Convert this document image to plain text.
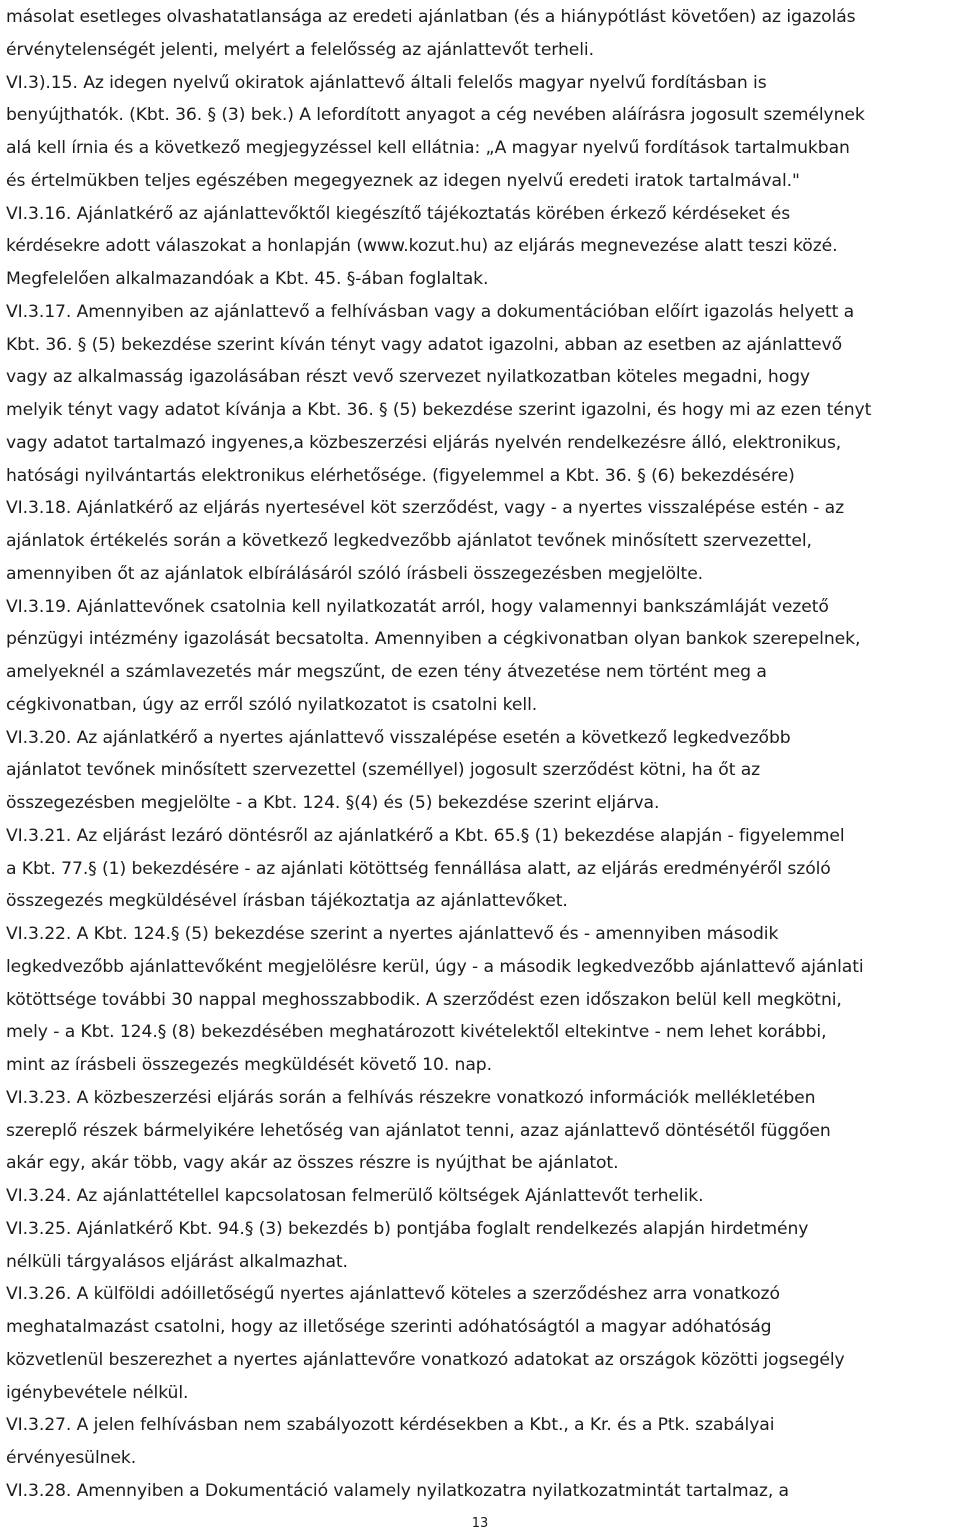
másolat esetleges olvashatatlansága az eredeti ajánlatban (és a hiánypótlást követően) az igazolás
érvénytelenségét jelenti, melyért a felelősség az ajánlattevőt terheli.
VI.3).15. Az idegen nyelvű okiratok ajánlattevő általi felelős magyar nyelvű fordításban is
benyújthatók. (Kbt. 36. § (3) bek.) A lefordított anyagot a cég nevében aláírásra jogosult személynek
alá kell írnia és a következő megjegyzéssel kell ellátnia: „A magyar nyelvű fordítások tartalmukban
és értelmükben teljes egészében megegyeznek az idegen nyelvű eredeti iratok tartalmával."
VI.3.16. Ajánlatkérő az ajánlattevőktől kiegészítő tájékoztatás körében érkező kérdéseket és
kérdésekre adott válaszokat a honlapján (www.kozut.hu) az eljárás megnevezése alatt teszi közé.
Megfelelően alkalmazandóak a Kbt. 45. §-ában foglaltak.
VI.3.17. Amennyiben az ajánlattevő a felhívásban vagy a dokumentációban előírt igazolás helyett a
Kbt. 36. § (5) bekezdése szerint kíván tényt vagy adatot igazolni, abban az esetben az ajánlattevő
vagy az alkalmasság igazolásában részt vevő szervezet nyilatkozatban köteles megadni, hogy
melyik tényt vagy adatot kívánja a Kbt. 36. § (5) bekezdése szerint igazolni, és hogy mi az ezen tényt
vagy adatot tartalmazó ingyenes,a közbeszerzési eljárás nyelvén rendelkezésre álló, elektronikus,
hatósági nyilvántartás elektronikus elérhetősége. (figyelemmel a Kbt. 36. § (6) bekezdésére)
VI.3.18. Ajánlatkérő az eljárás nyertesével köt szerződést, vagy - a nyertes visszalépése estén - az
ajánlatok értékelés során a következő legkedvezőbb ajánlatot tevőnek minősített szervezettel,
amennyiben őt az ajánlatok elbírálásáról szóló írásbeli összegezésben megjelölte.
VI.3.19. Ajánlattevőnek csatolnia kell nyilatkozatát arról, hogy valamennyi bankszámláját vezető
pénzügyi intézmény igazolását becsatolta. Amennyiben a cégkivonatban olyan bankok szerepelnek,
amelyeknél a számlavezetés már megszűnt, de ezen tény átvezetése nem történt meg a
cégkivonatban, úgy az erről szóló nyilatkozatot is csatolni kell.
VI.3.20. Az ajánlatkérő a nyertes ajánlattevő visszalépése esetén a következő legkedvezőbb
ajánlatot tevőnek minősített szervezettel (személlyel) jogosult szerződést kötni, ha őt az
összegezésben megjelölte - a Kbt. 124. §(4) és (5) bekezdése szerint eljárva.
VI.3.21. Az eljárást lezáró döntésről az ajánlatkérő a Kbt. 65.§ (1) bekezdése alapján - figyelemmel
a Kbt. 77.§ (1) bekezdésére - az ajánlati kötöttség fennállása alatt, az eljárás eredményéről szóló
összegezés megküldésével írásban tájékoztatja az ajánlattevőket.
VI.3.22. A Kbt. 124.§ (5) bekezdése szerint a nyertes ajánlattevő és - amennyiben második
legkedvezőbb ajánlattevőként megjelölésre kerül, úgy - a második legkedvezőbb ajánlattevő ajánlati
kötöttsége további 30 nappal meghosszabbodik. A szerződést ezen időszakon belül kell megkötni,
mely - a Kbt. 124.§ (8) bekezdésében meghatározott kivételektől eltekintve - nem lehet korábbi,
mint az írásbeli összegezés megküldését követő 10. nap.
VI.3.23. A közbeszerzési eljárás során a felhívás részekre vonatkozó információk mellékletében
szereplő részek bármelyikére lehetőség van ajánlatot tenni, azaz ajánlattevő döntésétől függően
akár egy, akár több, vagy akár az összes részre is nyújthat be ajánlatot.
VI.3.24. Az ajánlattétellel kapcsolatosan felmerülő költségek Ajánlattevőt terhelik.
VI.3.25. Ajánlatkérő Kbt. 94.§ (3) bekezdés b) pontjába foglalt rendelkezés alapján hirdetmény
nélküli tárgyalásos eljárást alkalmazhat.
VI.3.26. A külföldi adóilletőségű nyertes ajánlattevő köteles a szerződéshez arra vonatkozó
meghatalmazást csatolni, hogy az illetőségе szerinti adóhatóságtól a magyar adóhatóság
közvetlenül beszerezhet a nyertes ajánlattevőre vonatkozó adatokat az országok közötti jogsegély
igénybevétele nélkül.
VI.3.27. A jelen felhívásban nem szabályozott kérdésekben a Kbt., a Kr. és a Ptk. szabályai
érvényesülnek.
VI.3.28. Amennyiben a Dokumentáció valamely nyilatkozatra nyilatkozatmintát tartalmaz, a
13
